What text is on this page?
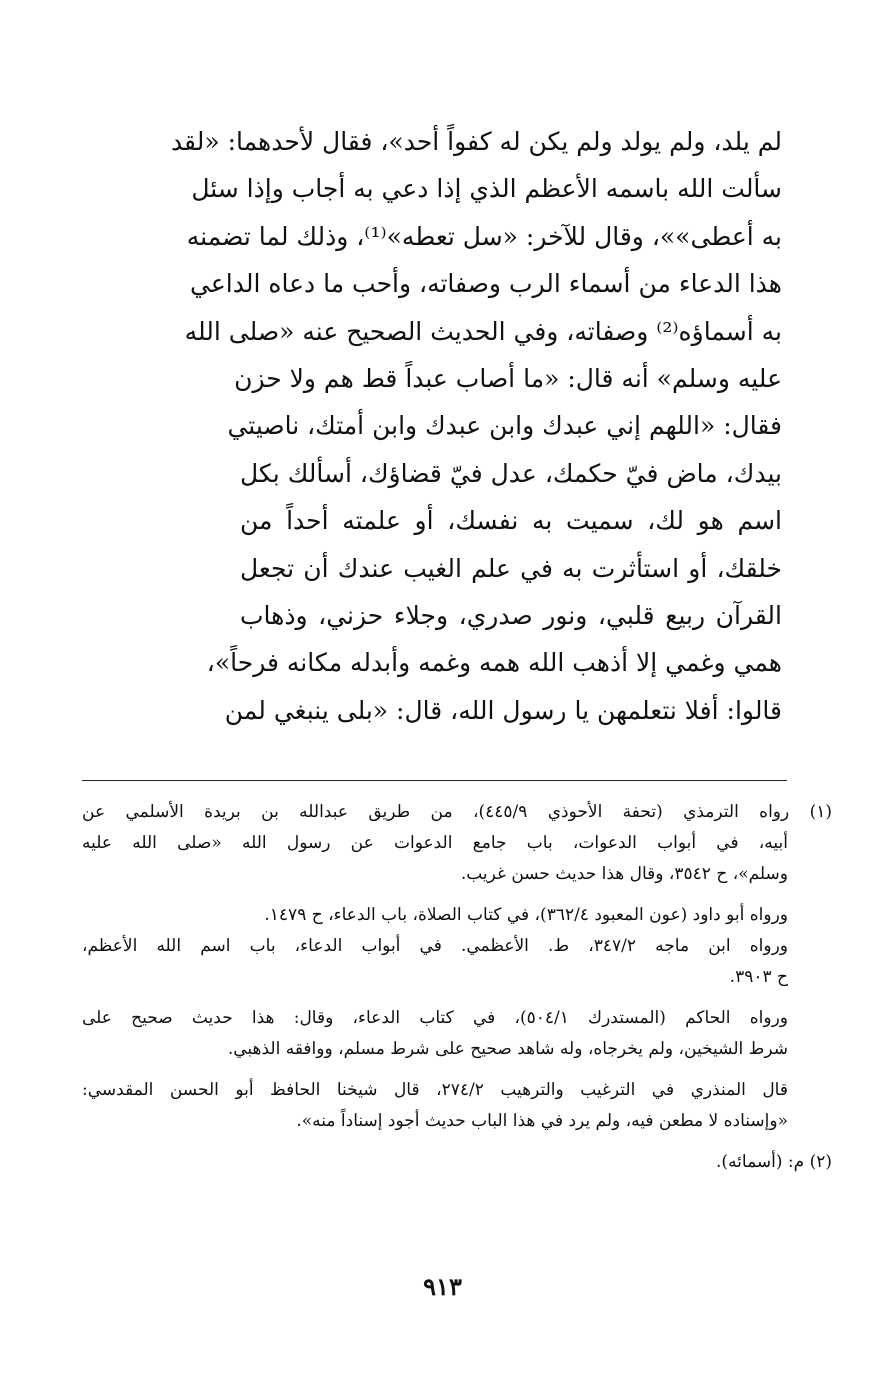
لم يلد، ولم يولد ولم يكن له كفواً أحد»، فقال لأحدهما: «لقد
سألت الله باسمه الأعظم الذي إذا دعي به أجاب وإذا سئل
به أعطى»»، وقال للآخر: «سل تعطه»⁽¹⁾، وذلك لما تضمنه
هذا الدعاء من أسماء الرب وصفاته، وأحب ما دعاه الداعي
به أسماؤه⁽²⁾ وصفاته، وفي الحديث الصحيح عنه «صلى الله
عليه وسلم» أنه قال: «ما أصاب عبداً قط هم ولا حزن
فقال: «اللهم إني عبدك وابن عبدك وابن أمتك، ناصيتي
بيدك، ماض فيّ حكمك، عدل فيّ قضاؤك، أسألك بكل
اسم هو لك، سميت به نفسك، أو علمته أحداً من
خلقك، أو استأثرت به في علم الغيب عندك أن تجعل
القرآن ربيع قلبي، ونور صدري، وجلاء حزني، وذهاب
همي وغمي إلا أذهب الله همه وغمه وأبدله مكانه فرحاً»،
قالوا: أفلا نتعلمهن يا رسول الله، قال: «بلى ينبغي لمن
(١) رواه الترمذي (تحفة الأحوذي ٤٤٥/٩)، من طريق عبدالله بن بريدة الأسلمي عن
أبيه، في أبواب الدعوات، باب جامع الدعوات عن رسول الله «صلى الله عليه
وسلم»، ح ٣٥٤٢، وقال هذا حديث حسن غريب.
ورواه أبو داود (عون المعبود ٣٦٢/٤)، في كتاب الصلاة، باب الدعاء، ح ١٤٧٩.
ورواه ابن ماجه ٣٤٧/٢، ط. الأعظمي. في أبواب الدعاء، باب اسم الله الأعظم،
ح ٣٩٠٣.
ورواه الحاكم (المستدرك ٥٠٤/١)، في كتاب الدعاء، وقال: هذا حديث صحيح على
شرط الشيخين، ولم يخرجاه، وله شاهد صحيح على شرط مسلم، ووافقه الذهبي.
قال المنذري في الترغيب والترهيب ٢٧٤/٢، قال شيخنا الحافظ أبو الحسن المقدسي:
«وإسناده لا مطعن فيه، ولم يرد في هذا الباب حديث أجود إسناداً منه».
(٢) م: (أسمائه).
٩١٣
